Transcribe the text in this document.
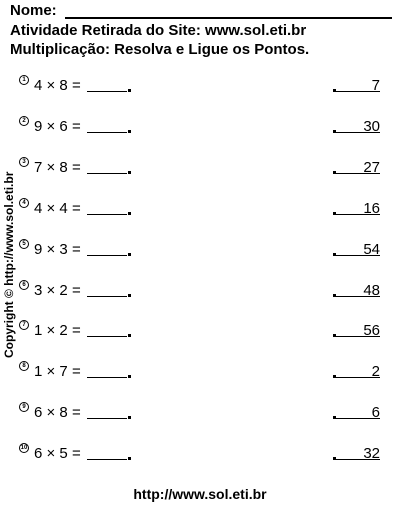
Nome:
Atividade Retirada do Site: www.sol.eti.br
Multiplicação: Resolva e Ligue os Pontos.
Copyright © http://www.sol.eti.br
1 4 × 8 =	7
2 9 × 6 =	30
3 7 × 8 =	27
4 4 × 4 =	16
5 9 × 3 =	54
6 3 × 2 =	48
7 1 × 2 =	56
8 1 × 7 =	2
9 6 × 8 =	6
10 6 × 5 =	32
http://www.sol.eti.br
